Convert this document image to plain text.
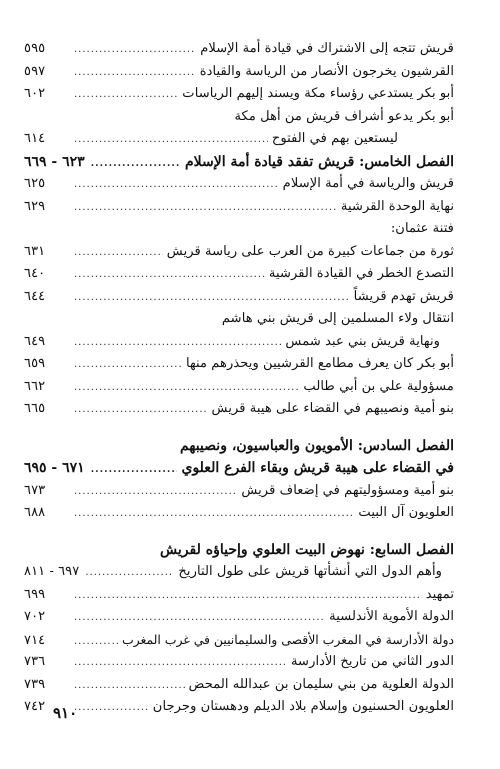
قريش تتجه إلى الاشتراك في قيادة أمة الإسلام
.....
٥٩٥
القرشيون يخرجون الأنصار من الرياسة والقيادة
.....
٥٩٧
أبو بكر يستدعي رؤساء مكة ويسند إليهم الرياسات
.....
٦٠٢
أبو بكر يدعو أشراف قريش من أهل مكة
ليستعين بهم في الفتوح
.....
٦١٤
الفصل الخامس: قريش تفقد قيادة أمة الإسلام
.....
٦٢٣ - ٦٦٩
قريش والرياسة في أمة الإسلام
.....
٦٢٥
نهاية الوحدة القرشية
.....
٦٢٩
فتنة عثمان:
ثورة من جماعات كبيرة من العرب على رياسة قريش
.....
٦٣١
التصدع الخطر في القيادة القرشية
.....
٦٤٠
قريش تهدم قريشاً
.....
٦٤٤
انتقال ولاء المسلمين إلى قريش بني هاشم
ونهاية قريش بني عبد شمس
.....
٦٤٩
أبو بكر كان يعرف مطامع القرشيين ويحذرهم منها
.....
٦٥٩
مسؤولية علي بن أبي طالب
.....
٦٦٢
بنو أمية ونصيبهم في القضاء على هيبة قريش
.....
٦٦٥
الفصل السادس: الأمويون والعباسيون، ونصيبهم
في القضاء على هيبة قريش وبقاء الفرع العلوي
.....
٦٧١ - ٦٩٥
بنو أمية ومسؤوليتهم في إضعاف قريش
.....
٦٧٣
العلويون آل البيت
.....
٦٨٨
الفصل السابع: نهوض البيت العلوي وإحياؤه لقريش
وأهم الدول التي أنشأتها قريش على طول التاريخ
.....
٦٩٧ - ٨١١
تمهيد
.....
٦٩٩
الدولة الأموية الأندلسية
.....
٧٠٢
دولة الأدارسة في المغرب الأقصى والسليمانيين في غرب المغرب
.....
٧١٤
الدور الثاني من تاريخ الأدارسة
.....
٧٣٦
الدولة العلوية من بني سليمان بن عبدالله المحض
.....
٧٣٩
العلويون الحسنيون وإسلام بلاد الديلم ودهستان وجرجان
.....
٧٤٢ ٩١٠
